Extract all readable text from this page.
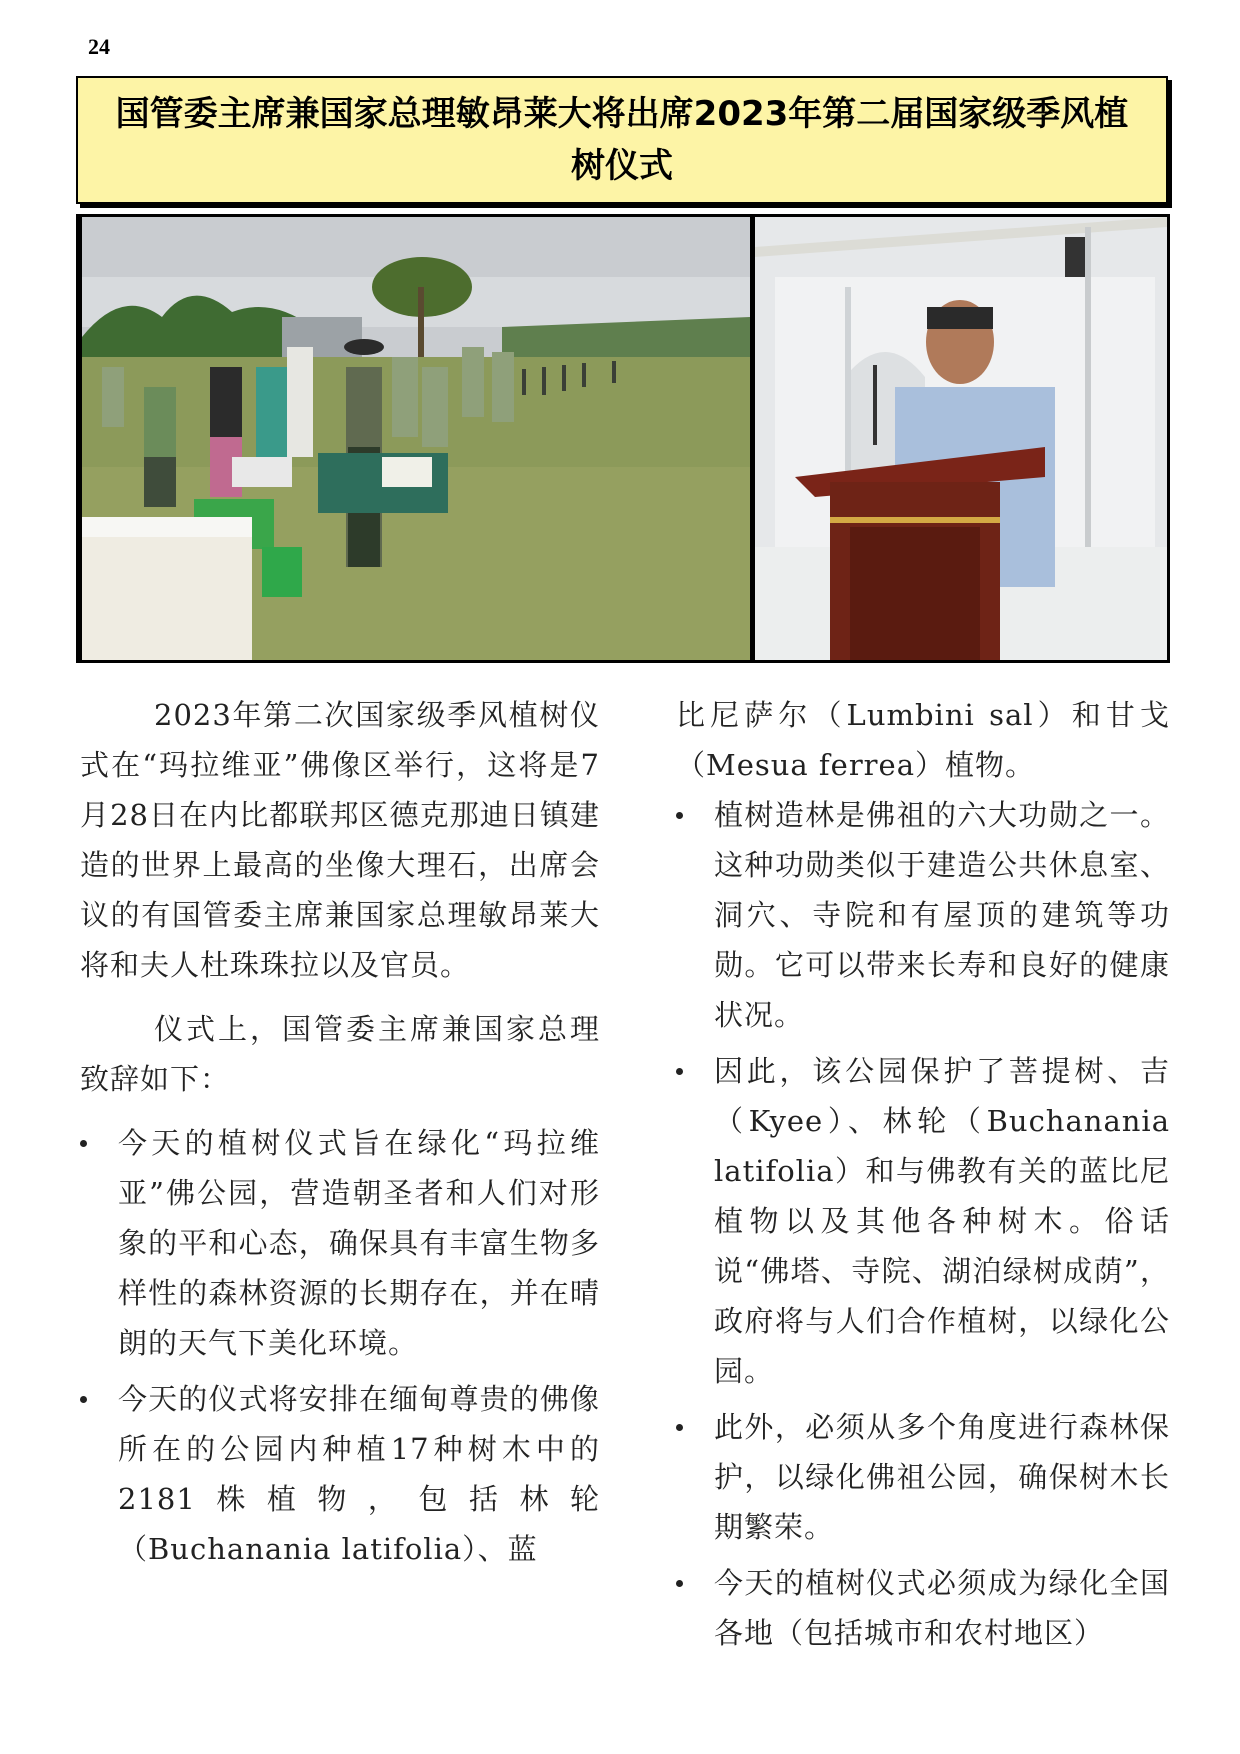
24
国管委主席兼国家总理敏昂莱大将出席2023年第二届国家级季风植树仪式

2023年第二次国家级季风植树仪式在“玛拉维亚”佛像区举行，这将是7月28日在内比都联邦区德克那迪日镇建造的世界上最高的坐像大理石，出席会议的有国管委主席兼国家总理敏昂莱大将和夫人杜珠珠拉以及官员。

仪式上，国管委主席兼国家总理致辞如下：

今天的植树仪式旨在绿化“玛拉维亚”佛公园，营造朝圣者和人们对形象的平和心态，确保具有丰富生物多样性的森林资源的长期存在，并在晴朗的天气下美化环境。
今天的仪式将安排在缅甸尊贵的佛像所在的公园内种植17种树木中的2181株植物，包括林轮（Buchanania latifolia）、蓝

比尼萨尔（Lumbini sal）和甘戈（Mesua ferrea）植物。

植树造林是佛祖的六大功勋之一。这种功勋类似于建造公共休息室、洞穴、寺院和有屋顶的建筑等功勋。它可以带来长寿和良好的健康状况。
因此，该公园保护了菩提树、吉（Kyee）、林轮（Buchanania latifolia）和与佛教有关的蓝比尼植物以及其他各种树木。俗话说“佛塔、寺院、湖泊绿树成荫”，政府将与人们合作植树，以绿化公园。
此外，必须从多个角度进行森林保护，以绿化佛祖公园，确保树木长期繁荣。
今天的植树仪式必须成为绿化全国各地（包括城市和农村地区）
